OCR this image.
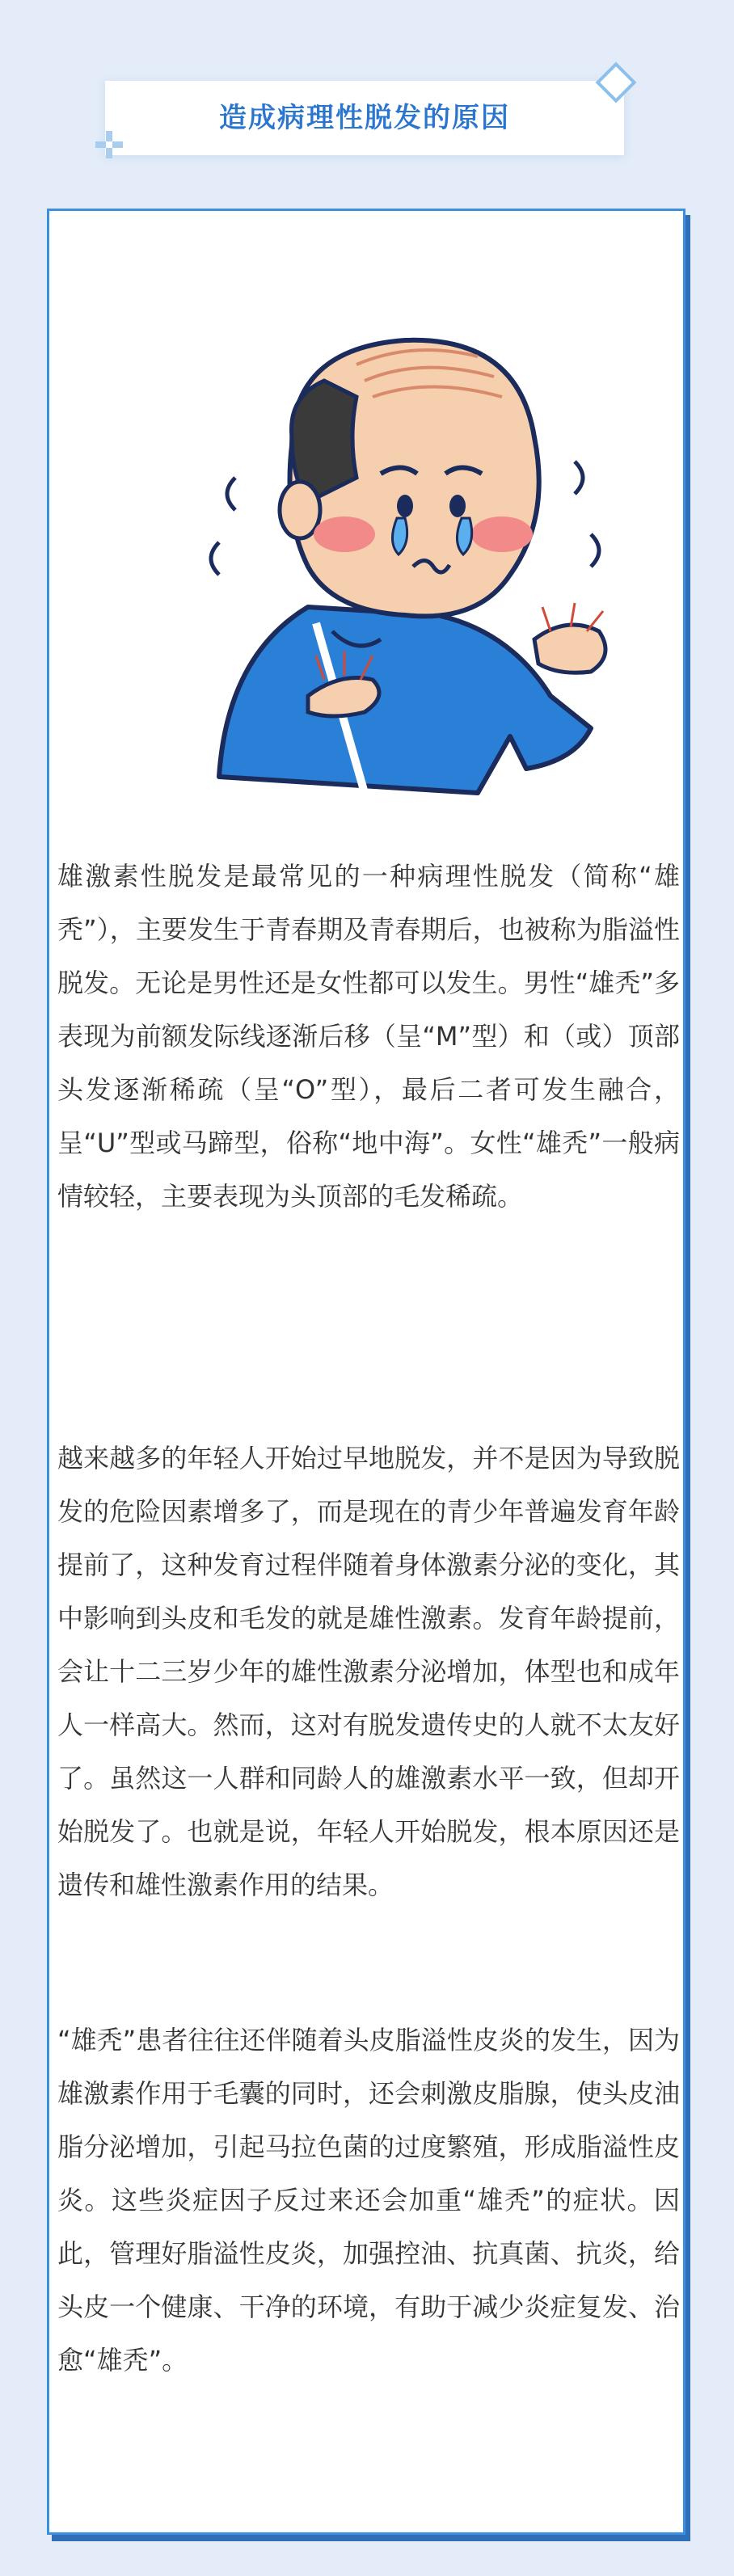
造成病理性脱发的原因

雄激素性脱发是最常见的一种病理性脱发（简称“雄秃”），主要发生于青春期及青春期后，也被称为脂溢性脱发。无论是男性还是女性都可以发生。男性“雄秃”多表现为前额发际线逐渐后移（呈“M”型）和（或）顶部头发逐渐稀疏（呈“O”型），最后二者可发生融合，呈“U”型或马蹄型，俗称“地中海”。女性“雄秃”一般病情较轻，主要表现为头顶部的毛发稀疏。

越来越多的年轻人开始过早地脱发，并不是因为导致脱发的危险因素增多了，而是现在的青少年普遍发育年龄提前了，这种发育过程伴随着身体激素分泌的变化，其中影响到头皮和毛发的就是雄性激素。发育年龄提前，会让十二三岁少年的雄性激素分泌增加，体型也和成年人一样高大。然而，这对有脱发遗传史的人就不太友好了。虽然这一人群和同龄人的雄激素水平一致，但却开始脱发了。也就是说，年轻人开始脱发，根本原因还是遗传和雄性激素作用的结果。

“雄秃”患者往往还伴随着头皮脂溢性皮炎的发生，因为雄激素作用于毛囊的同时，还会刺激皮脂腺，使头皮油脂分泌增加，引起马拉色菌的过度繁殖，形成脂溢性皮炎。这些炎症因子反过来还会加重“雄秃”的症状。因此，管理好脂溢性皮炎，加强控油、抗真菌、抗炎，给头皮一个健康、干净的环境，有助于减少炎症复发、治愈“雄秃”。
